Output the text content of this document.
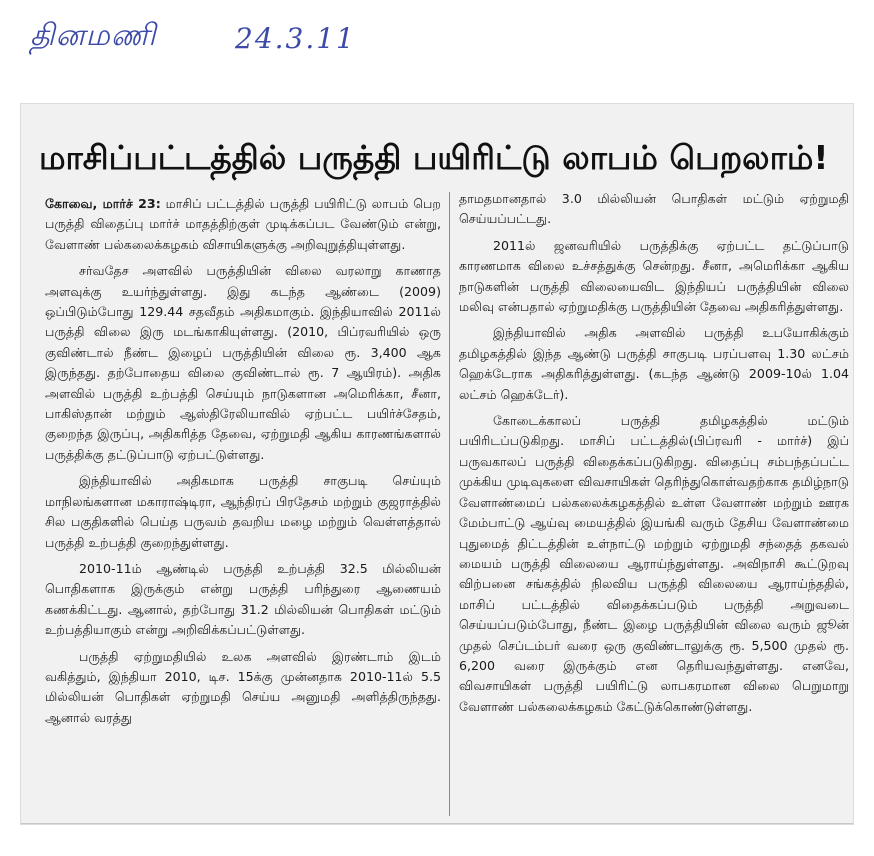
தினமணி	24.3.11
மாசிப்பட்டத்தில் பருத்தி பயிரிட்டு லாபம் பெறலாம்!

கோவை, மார்ச் 23: மாசிப் பட்டத்தில் பருத்தி பயிரிட்டு லாபம் பெற பருத்தி விதைப்பு மார்ச் மாதத்திற்குள் முடிக்கப்பட வேண்டும் என்று, வேளாண் பல்கலைக்கழகம் விசாயிகளுக்கு அறிவுறுத்தியுள்ளது.

சர்வதேச அளவில் பருத்தியின் விலை வரலாறு காணாத அளவுக்கு உயர்ந்துள்ளது. இது கடந்த ஆண்டை (2009) ஒப்பிடும்போது 129.44 சதவீதம் அதிகமாகும். இந்தியாவில் 2011ல் பருத்தி விலை இரு மடங்காகியுள்ளது. (2010, பிப்ரவரியில் ஒரு குவிண்டால் நீண்ட இழைப் பருத்தியின் விலை ரூ. 3,400 ஆக இருந்தது. தற்போதைய விலை குவிண்டால் ரூ. 7 ஆயிரம்). அதிக அளவில் பருத்தி உற்பத்தி செய்யும் நாடுகளான அமெரிக்கா, சீனா, பாகிஸ்தான் மற்றும் ஆஸ்திரேலியாவில் ஏற்பட்ட பயிர்ச்சேதம், குறைந்த இருப்பு, அதிகரித்த தேவை, ஏற்றுமதி ஆகிய காரணங்களால் பருத்திக்கு தட்டுப்பாடு ஏற்பட்டுள்ளது.

இந்தியாவில் அதிகமாக பருத்தி சாகுபடி செய்யும் மாநிலங்களான மகாராஷ்டிரா, ஆந்திரப் பிரதேசம் மற்றும் குஜராத்தில் சில பகுதிகளில் பெய்த பருவம் தவறிய மழை மற்றும் வெள்ளத்தால் பருத்தி உற்பத்தி குறைந்துள்ளது.

2010-11ம் ஆண்டில் பருத்தி உற்பத்தி 32.5 மில்லியன் பொதிகளாக இருக்கும் என்று பருத்தி பரிந்துரை ஆணையம் கணக்கிட்டது. ஆனால், தற்போது 31.2 மில்லியன் பொதிகள் மட்டும் உற்பத்தியாகும் என்று அறிவிக்கப்பட்டுள்ளது.

பருத்தி ஏற்றுமதியில் உலக அளவில் இரண்டாம் இடம் வகித்தும், இந்தியா 2010, டிச. 15க்கு முன்னதாக 2010-11ல் 5.5 மில்லியன் பொதிகள் ஏற்றுமதி செய்ய அனுமதி அளித்திருந்தது. ஆனால் வரத்து

தாமதமானதால் 3.0 மில்லியன் பொதிகள் மட்டும் ஏற்றுமதி செய்யப்பட்டது.

2011ல் ஜனவரியில் பருத்திக்கு ஏற்பட்ட தட்டுப்பாடு காரணமாக விலை உச்சத்துக்கு சென்றது. சீனா, அமெரிக்கா ஆகிய நாடுகளின் பருத்தி விலையைவிட இந்தியப் பருத்தியின் விலை மலிவு என்பதால் ஏற்றுமதிக்கு பருத்தியின் தேவை அதிகரித்துள்ளது.

இந்தியாவில் அதிக அளவில் பருத்தி உபயோகிக்கும் தமிழகத்தில் இந்த ஆண்டு பருத்தி சாகுபடி பரப்பளவு 1.30 லட்சம் ஹெக்டேராக அதிகரித்துள்ளது. (கடந்த ஆண்டு 2009-10ல் 1.04 லட்சம் ஹெக்டேர்).

கோடைக்காலப் பருத்தி தமிழகத்தில் மட்டும் பயிரிடப்படுகிறது. மாசிப் பட்டத்தில்(பிப்ரவரி - மார்ச்) இப் பருவகாலப் பருத்தி விதைக்கப்படுகிறது. விதைப்பு சம்பந்தப்பட்ட முக்கிய முடிவுகளை விவசாயிகள் தெரிந்துகொள்வதற்காக தமிழ்நாடு வேளாண்மைப் பல்கலைக்கழகத்தில் உள்ள வேளாண் மற்றும் ஊரக மேம்பாட்டு ஆய்வு மையத்தில் இயங்கி வரும் தேசிய வேளாண்மை புதுமைத் திட்டத்தின் உள்நாட்டு மற்றும் ஏற்றுமதி சந்தைத் தகவல் மையம் பருத்தி விலையை ஆராய்ந்துள்ளது. அவிநாசி கூட்டுறவு விற்பனை சங்கத்தில் நிலவிய பருத்தி விலையை ஆராய்ந்ததில், மாசிப் பட்டத்தில் விதைக்கப்படும் பருத்தி அறுவடை செய்யப்படும்போது, நீண்ட இழை பருத்தியின் விலை வரும் ஜூன் முதல் செப்டம்பர் வரை ஒரு குவிண்டாலுக்கு ரூ. 5,500 முதல் ரூ. 6,200 வரை இருக்கும் என தெரியவந்துள்ளது. எனவே, விவசாயிகள் பருத்தி பயிரிட்டு லாபகரமான விலை பெறுமாறு வேளாண் பல்கலைக்கழகம் கேட்டுக்கொண்டுள்ளது.
